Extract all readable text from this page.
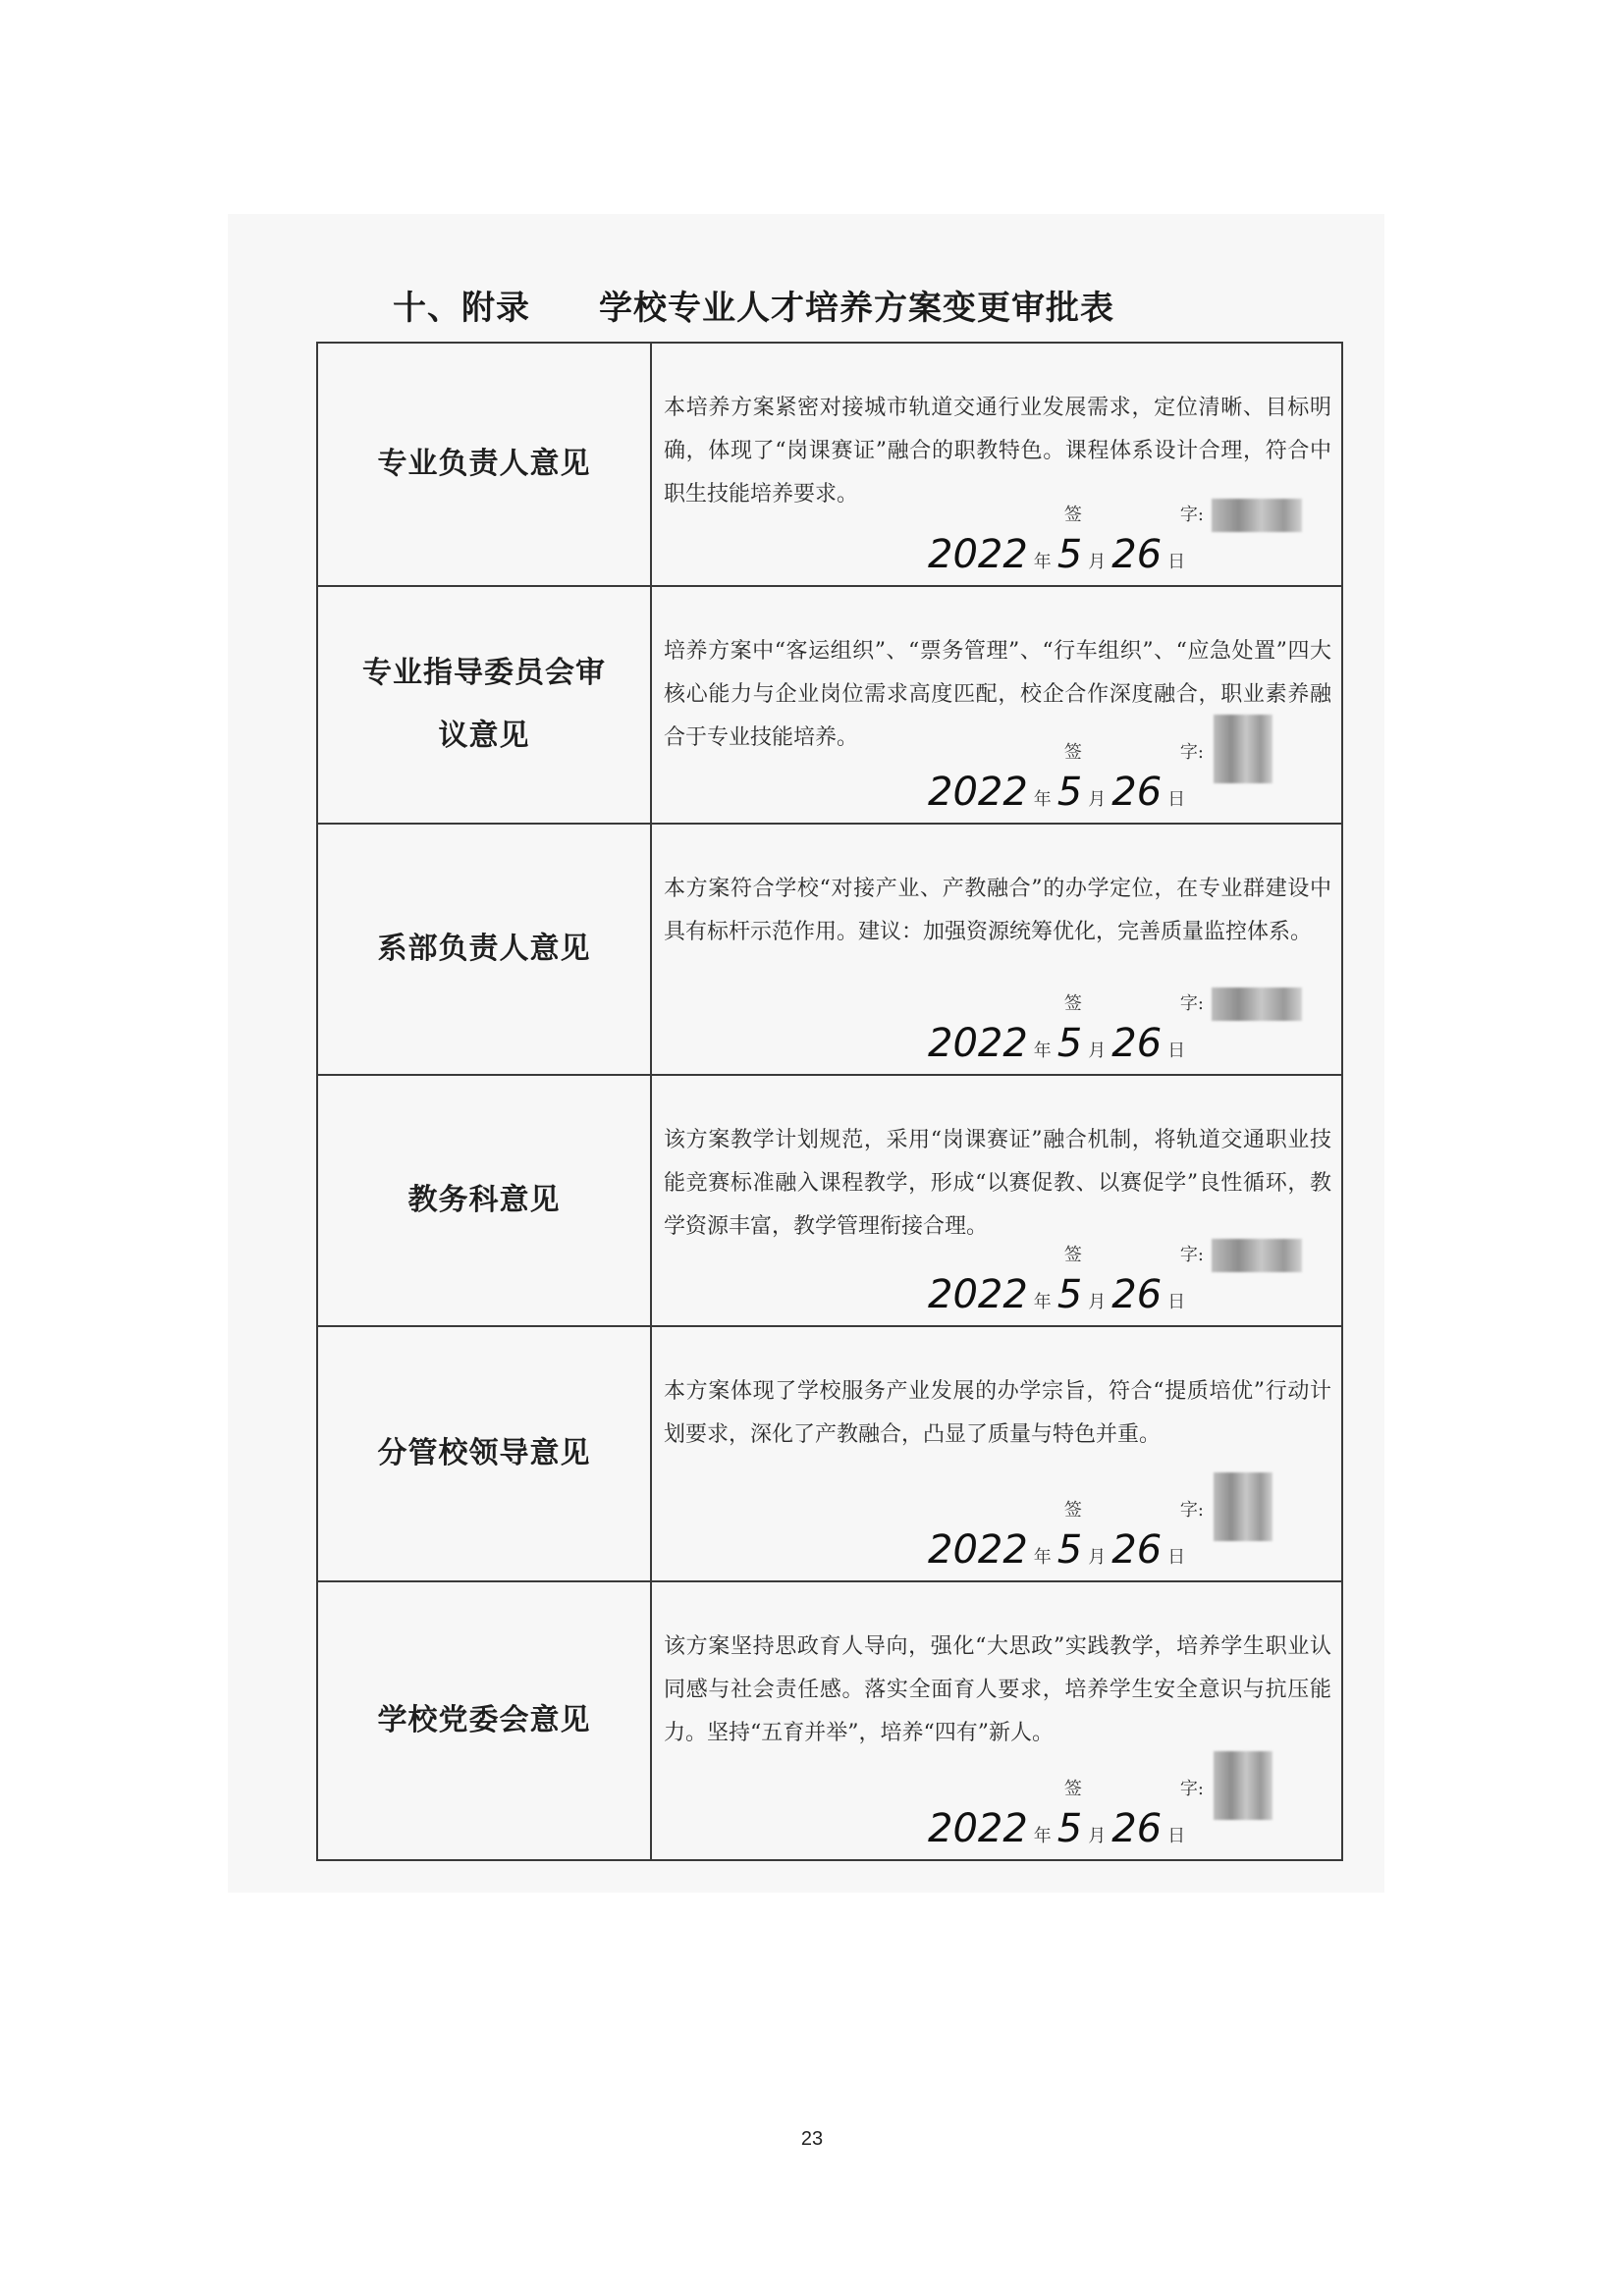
十、附录 学校专业人才培养方案变更审批表
专业负责人意见	本培养方案紧密对接城市轨道交通行业发展需求，定位清晰、目标明确，体现了“岗课赛证”融合的职教特色。课程体系设计合理，符合中职生技能培养要求。
签 字:
2022 年 5 月 26 日

专业指导委员会审议意见	培养方案中“客运组织”、“票务管理”、“行车组织”、“应急处置”四大核心能力与企业岗位需求高度匹配，校企合作深度融合，职业素养融合于专业技能培养。
签 字:
2022 年 5 月 26 日

系部负责人意见	本方案符合学校“对接产业、产教融合”的办学定位，在专业群建设中具有标杆示范作用。建议：加强资源统筹优化，完善质量监控体系。
签 字:
2022 年 5 月 26 日

教务科意见	该方案教学计划规范，采用“岗课赛证”融合机制，将轨道交通职业技能竞赛标准融入课程教学，形成“以赛促教、以赛促学”良性循环，教学资源丰富，教学管理衔接合理。
签 字:
2022 年 5 月 26 日

分管校领导意见	本方案体现了学校服务产业发展的办学宗旨，符合“提质培优”行动计划要求，深化了产教融合，凸显了质量与特色并重。
签 字:
2022 年 5 月 26 日

学校党委会意见	该方案坚持思政育人导向，强化“大思政”实践教学，培养学生职业认同感与社会责任感。落实全面育人要求，培养学生安全意识与抗压能力。坚持“五育并举”，培养“四有”新人。
签 字:
2022 年 5 月 26 日
23
